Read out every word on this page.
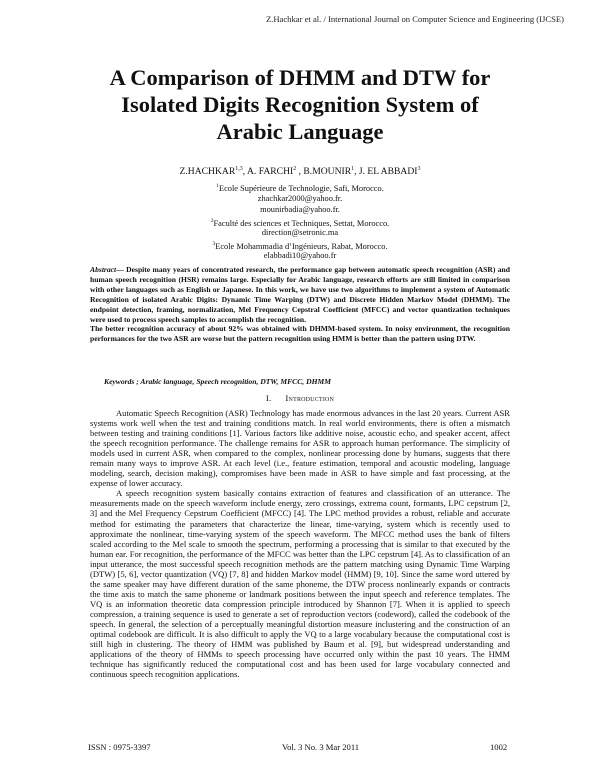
Z.Hachkar et al. / International Journal on Computer Science and Engineering (IJCSE)
A Comparison of DHMM and DTW for
Isolated Digits Recognition System of
Arabic Language
Z.HACHKAR$^{1,3}$, A. FARCHI$^2$ , B.MOUNIR$^1$, J. EL ABBADI$^3$
$^1$Ecole Supérieure de Technologie, Safi, Morocco.
zhachkar2000@yahoo.fr.
mounirbadia@yahoo.fr.
$^2$Faculté des sciences et Techniques, Settat, Morocco.
direction@setronic.ma
$^3$Ecole Mohammadia d’Ingénieurs, Rabat, Morocco.
elabbadi10@yahoo.fr

Abstract— Despite many years of concentrated research, the performance gap between automatic speech recognition (ASR) and human speech recognition (HSR) remains large. Especially for Arabic language, research efforts are still limited in comparison with other languages such as English or Japanese. In this work, we have use two algorithms to implement a system of Automatic Recognition of isolated Arabic Digits: Dynamic Time Warping (DTW) and Discrete Hidden Markov Model (DHMM). The endpoint detection, framing, normalization, Mel Frequency Cepstral Coefficient (MFCC) and vector quantization techniques were used to process speech samples to accomplish the recognition.

The better recognition accuracy of about 92% was obtained with DHMM-based system. In noisy environment, the recognition performances for the two ASR are worse but the pattern recognition using HMM is better than the pattern using DTW.

Keywords ; Arabic language, Speech recognition, DTW, MFCC, DHMM
I. Introduction

Automatic Speech Recognition (ASR) Technology has made enormous advances in the last 20 years. Current ASR systems work well when the test and training conditions match. In real world environments, there is often a mismatch between testing and training conditions [1]. Various factors like additive noise, acoustic echo, and speaker accent, affect the speech recognition performance. The challenge remains for ASR to approach human performance. The simplicity of models used in current ASR, when compared to the complex, nonlinear processing done by humans, suggests that there remain many ways to improve ASR. At each level (i.e., feature estimation, temporal and acoustic modeling, language modeling, search, decision making), compromises have been made in ASR to have simple and fast processing, at the expense of lower accuracy.

A speech recognition system basically contains extraction of features and classification of an utterance. The measurements made on the speech waveform include energy, zero crossings, extrema count, formants, LPC cepstrum [2, 3] and the Mel Frequency Cepstrum Coefficient (MFCC) [4]. The LPC method provides a robust, reliable and accurate method for estimating the parameters that characterize the linear, time-varying, system which is recently used to approximate the nonlinear, time-varying system of the speech waveform. The MFCC method uses the bank of filters scaled according to the Mel scale to smooth the spectrum, performing a processing that is similar to that executed by the human ear. For recognition, the performance of the MFCC was better than the LPC cepstrum [4]. As to classification of an input utterance, the most successful speech recognition methods are the pattern matching using Dynamic Time Warping (DTW) [5, 6], vector quantization (VQ) [7, 8] and hidden Markov model (HMM) [9, 10]. Since the same word uttered by the same speaker may have different duration of the same phoneme, the DTW process nonlinearly expands or contracts the time axis to match the same phoneme or landmark positions between the input speech and reference templates. The VQ is an information theoretic data compression principle introduced by Shannon [7]. When it is applied to speech compression, a training sequence is used to generate a set of reproduction vectors (codeword), called the codebook of the speech. In general, the selection of a perceptually meaningful distortion measure inclustering and the construction of an optimal codebook are difficult. It is also difficult to apply the VQ to a large vocabulary because the computational cost is still high in clustering. The theory of HMM was published by Baum et al. [9], but widespread understanding and applications of the theory of HMMs to speech processing have occurred only within the past 10 years. The HMM technique has significantly reduced the computational cost and has been used for large vocabulary connected and continuous speech recognition applications.

ISSN : 0975-3397	Vol. 3 No. 3 Mar 2011	1002
